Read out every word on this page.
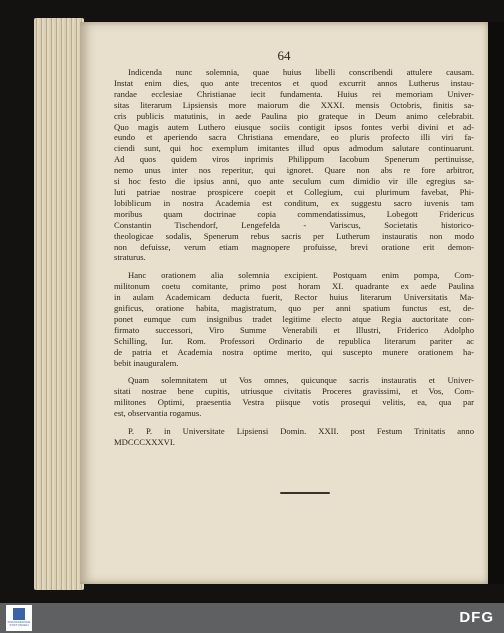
64
Indicenda nunc solemnia, quae huius libelli conscribendi attulere causam.
Instat enim dies, quo ante trecentos et quod excurrit annos Lutherus instau-
randae ecclesiae Christianae iecit fundamenta. Huius rei memoriam Univer-
sitas literarum Lipsiensis more maiorum die XXXI. mensis Octobris, finitis sa-
cris publicis matutinis, in aede Paulina pio grateque in Deum animo celebrabit.
Quo magis autem Luthero eiusque sociis contigit ipsos fontes verbi divini et ad-
eundo et aperiendo sacra Christiana emendare, eo pluris profecto illi viri fa-
ciendi sunt, qui hoc exemplum imitantes illud opus admodum salutare continuarunt.
Ad quos quidem viros inprimis Philippum Iacobum Spenerum pertinuisse,
nemo unus inter nos reperitur, qui ignoret. Quare non abs re fore arbitror,
si hoc festo die ipsius anni, quo ante seculum cum dimidio vir ille egregius sa-
luti patriae nostrae prospicere coepit et Collegium, cui plurimum favebat, Phi-
lobiblicum in nostra Academia est conditum, ex suggestu sacro iuvenis tam
moribus quam doctrinae copia commendatissimus, Lobegott Fridericus
Constantin Tischendorf, Lengefelda - Variscus, Societatis historico-
theologicae sodalis, Spenerum rebus sacris per Lutherum instauratis non modo
non defuisse, verum etiam magnopere profuisse, brevi oratione erit demon-
straturus.
Hanc orationem alia solemnia excipient. Postquam enim pompa, Com-
militonum coetu comitante, primo post horam XI. quadrante ex aede Paulina
in aulam Academicam deducta fuerit, Rector huius literarum Universitatis Ma-
gnificus, oratione habita, magistratum, quo per anni spatium functus est, de-
ponet eumque cum insignibus tradet legitime electo atque Regia auctoritate con-
firmato successori, Viro Summe Venerabili et Illustri, Friderico Adolpho
Schilling, Iur. Rom. Professori Ordinario de republica literarum pariter ac
de patria et Academia nostra optime merito, qui suscepto munere orationem ha-
bebit inauguralem.
Quam solemnitatem ut Vos omnes, quicunque sacris instauratis et Univer-
sitati nostrae bene cupitis, utriusque civitatis Proceres gravissimi, et Vos, Com-
militones Optimi, praesentia Vestra piisque votis prosequi velitis, ea, qua par
est, observantia rogamus.
P. P. in Universitate Lipsiensi Domin. XXII. post Festum Trinitatis anno
MDCCCXXXVI.
FRANCKESCHE STIFTUNGEN	DFG
